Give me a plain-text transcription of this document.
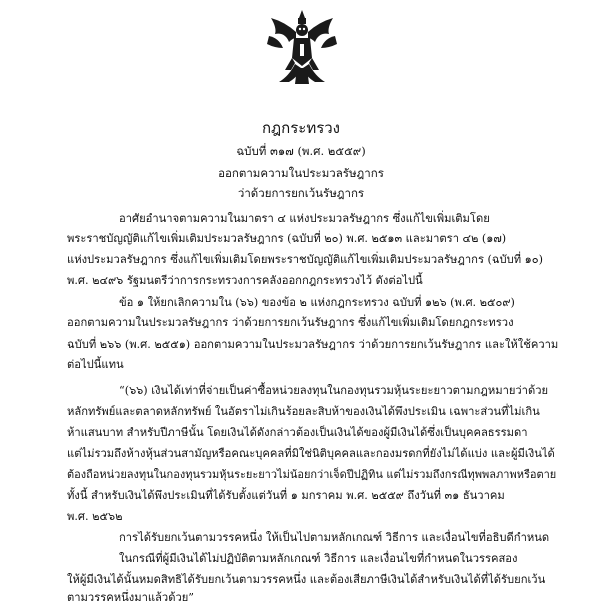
กฎกระทรวง
ฉบับที่ ๓๑๗ (พ.ศ. ๒๕๕๙)
ออกตามความในประมวลรัษฎากร
ว่าด้วยการยกเว้นรัษฎากร
อาศัยอำนาจตามความในมาตรา ๔ แห่งประมวลรัษฎากร ซึ่งแก้ไขเพิ่มเติมโดย
พระราชบัญญัติแก้ไขเพิ่มเติมประมวลรัษฎากร (ฉบับที่ ๒๐) พ.ศ. ๒๕๑๓ และมาตรา ๔๒ (๑๗)
แห่งประมวลรัษฎากร ซึ่งแก้ไขเพิ่มเติมโดยพระราชบัญญัติแก้ไขเพิ่มเติมประมวลรัษฎากร (ฉบับที่ ๑๐)
พ.ศ. ๒๔๙๖ รัฐมนตรีว่าการกระทรวงการคลังออกกฎกระทรวงไว้ ดังต่อไปนี้
ข้อ ๑ ให้ยกเลิกความใน (๖๖) ของข้อ ๒ แห่งกฎกระทรวง ฉบับที่ ๑๒๖ (พ.ศ. ๒๕๐๙)
ออกตามความในประมวลรัษฎากร ว่าด้วยการยกเว้นรัษฎากร ซึ่งแก้ไขเพิ่มเติมโดยกฎกระทรวง
ฉบับที่ ๒๖๖ (พ.ศ. ๒๕๕๑) ออกตามความในประมวลรัษฎากร ว่าด้วยการยกเว้นรัษฎากร และให้ใช้ความ
ต่อไปนี้แทน
“(๖๖) เงินได้เท่าที่จ่ายเป็นค่าซื้อหน่วยลงทุนในกองทุนรวมหุ้นระยะยาวตามกฎหมายว่าด้วย
หลักทรัพย์และตลาดหลักทรัพย์ ในอัตราไม่เกินร้อยละสิบห้าของเงินได้พึงประเมิน เฉพาะส่วนที่ไม่เกิน
ห้าแสนบาท สำหรับปีภาษีนั้น โดยเงินได้ดังกล่าวต้องเป็นเงินได้ของผู้มีเงินได้ซึ่งเป็นบุคคลธรรมดา
แต่ไม่รวมถึงห้างหุ้นส่วนสามัญหรือคณะบุคคลที่มิใช่นิติบุคคลและกองมรดกที่ยังไม่ได้แบ่ง และผู้มีเงินได้
ต้องถือหน่วยลงทุนในกองทุนรวมหุ้นระยะยาวไม่น้อยกว่าเจ็ดปีปฏิทิน แต่ไม่รวมถึงกรณีทุพพลภาพหรือตาย
ทั้งนี้ สำหรับเงินได้พึงประเมินที่ได้รับตั้งแต่วันที่ ๑ มกราคม พ.ศ. ๒๕๕๙ ถึงวันที่ ๓๑ ธันวาคม
พ.ศ. ๒๕๖๒
การได้รับยกเว้นตามวรรคหนึ่ง ให้เป็นไปตามหลักเกณฑ์ วิธีการ และเงื่อนไขที่อธิบดีกำหนด
ในกรณีที่ผู้มีเงินได้ไม่ปฏิบัติตามหลักเกณฑ์ วิธีการ และเงื่อนไขที่กำหนดในวรรคสอง
ให้ผู้มีเงินได้นั้นหมดสิทธิได้รับยกเว้นตามวรรคหนึ่ง และต้องเสียภาษีเงินได้สำหรับเงินได้ที่ได้รับยกเว้น
ตามวรรคหนึ่งมาแล้วด้วย”
